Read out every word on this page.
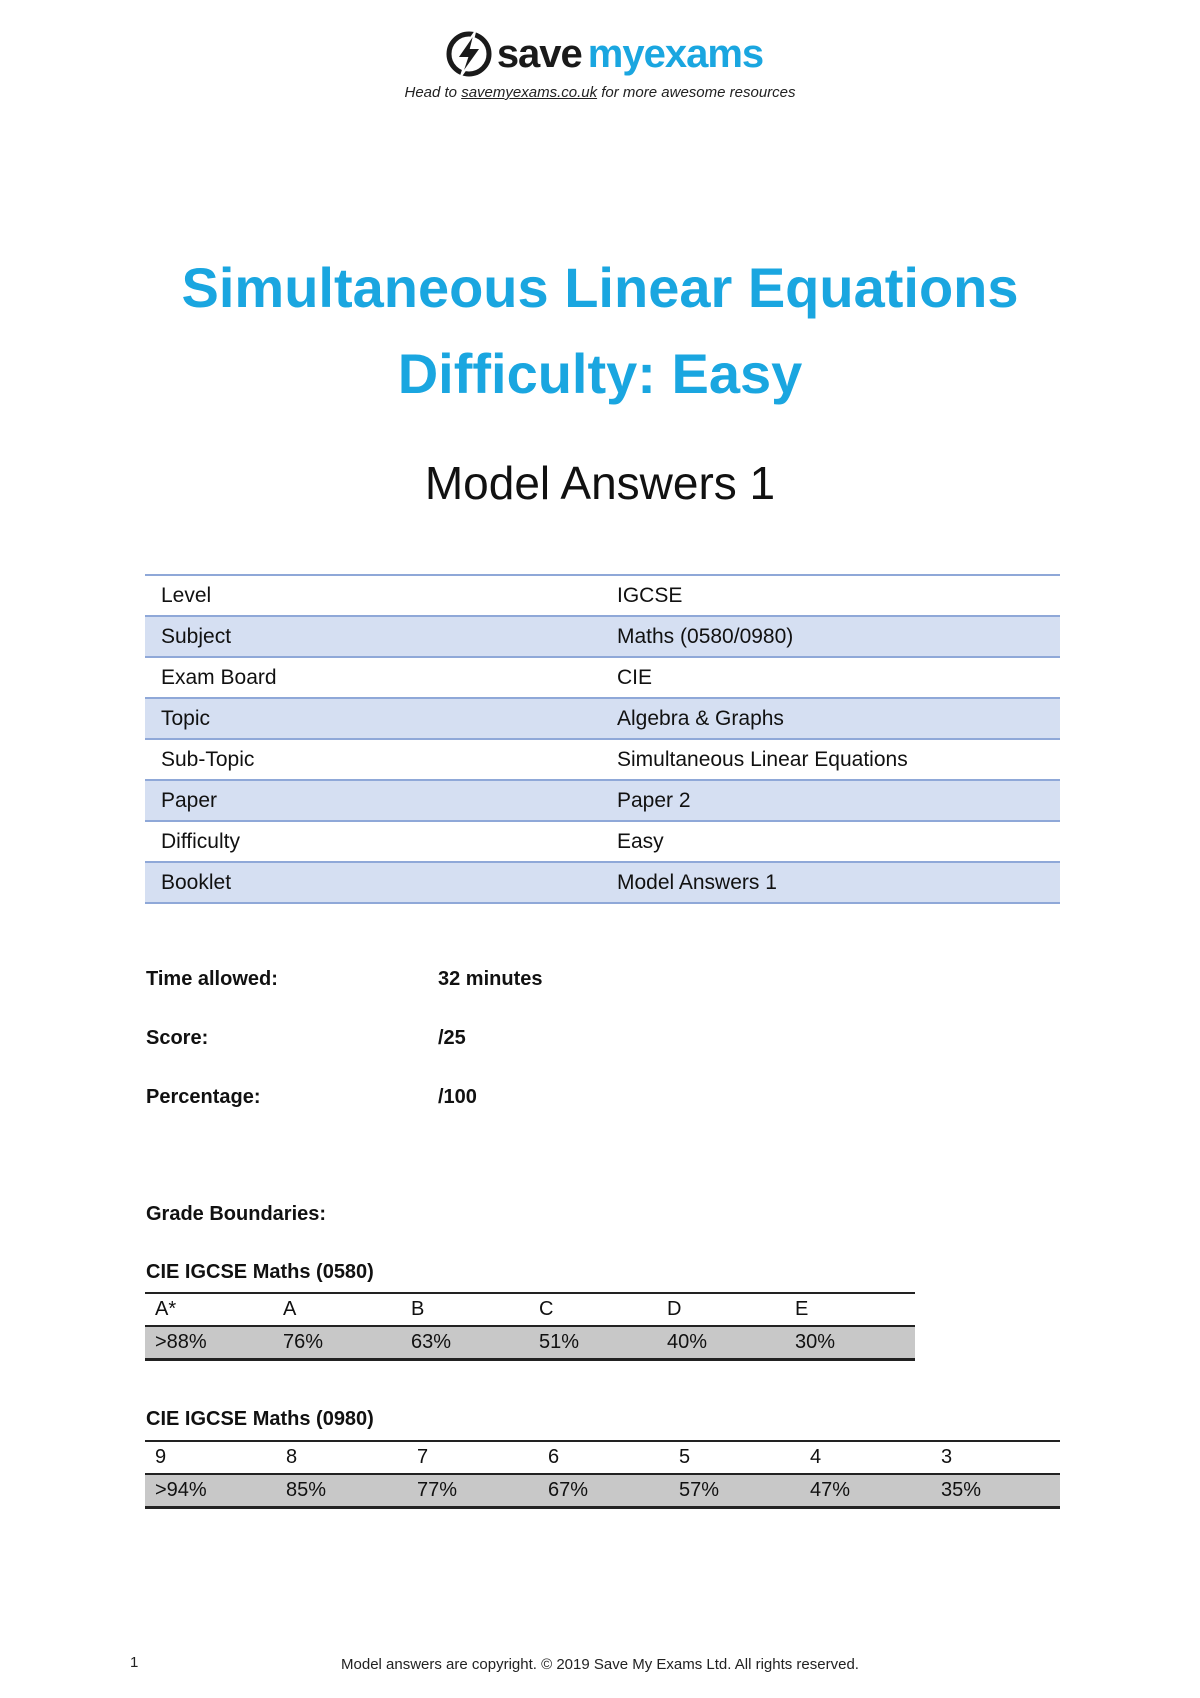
save myexams
Head to savemyexams.co.uk for more awesome resources
Simultaneous Linear Equations
Difficulty: Easy
Model Answers 1
Level	IGCSE
Subject	Maths (0580/0980)
Exam Board	CIE
Topic	Algebra & Graphs
Sub-Topic	Simultaneous Linear Equations
Paper	Paper 2
Difficulty	Easy
Booklet	Model Answers 1
Time allowed:	32 minutes
Score:	/25
Percentage:	/100
Grade Boundaries:
CIE IGCSE Maths (0580)
A*	A	B	C	D	E
>88%	76%	63%	51%	40%	30%
CIE IGCSE Maths (0980)
9	8	7	6	5	4	3
>94%	85%	77%	67%	57%	47%	35%
1	Model answers are copyright. © 2019 Save My Exams Ltd. All rights reserved.
